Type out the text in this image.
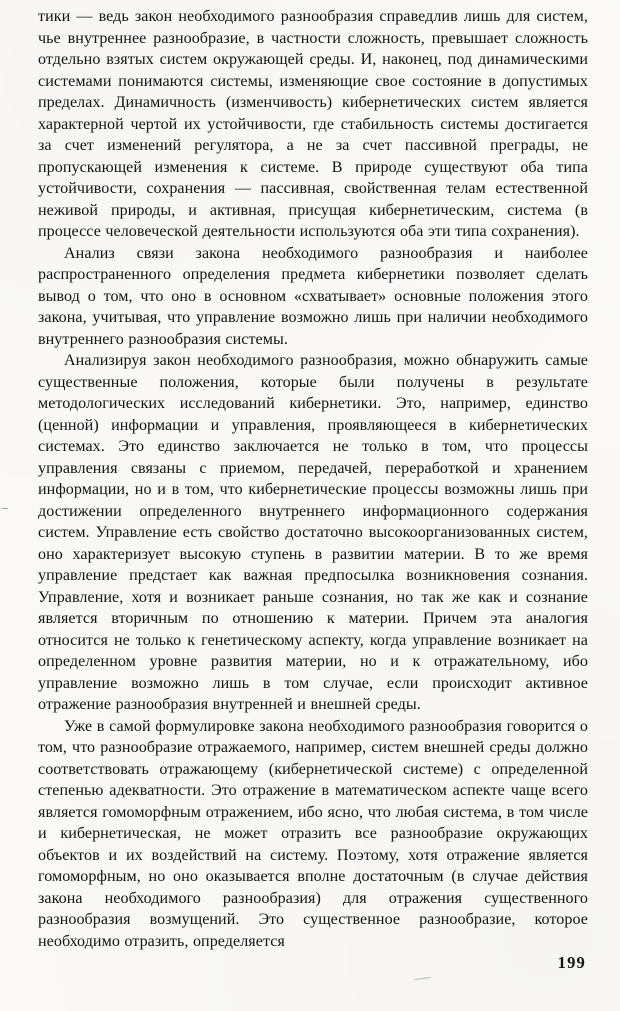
тики — ведь закон необходимого разнообразия справедлив лишь для систем, чье внутреннее разнообразие, в частности сложность, превышает сложность отдельно взятых систем окружающей среды. И, наконец, под динамическими системами понимаются системы, изменяющие свое состояние в допустимых пределах. Динамичность (изменчивость) кибернетических систем является характерной чертой их устойчивости, где стабильность системы достигается за счет изменений регулятора, а не за счет пассивной преграды, не пропускающей изменения к системе. В природе существуют оба типа устойчивости, сохранения — пассивная, свойственная телам естественной неживой природы, и активная, присущая кибернетическим, система (в процессе человеческой деятельности используются оба эти типа сохранения).

Анализ связи закона необходимого разнообразия и наиболее распространенного определения предмета кибернетики позволяет сделать вывод о том, что оно в основном «схватывает» основные положения этого закона, учитывая, что управление возможно лишь при наличии необходимого внутреннего разнообразия системы.

Анализируя закон необходимого разнообразия, можно обнаружить самые существенные положения, которые были получены в результате методологических исследований кибернетики. Это, например, единство (ценной) информации и управления, проявляющееся в кибернетических системах. Это единство заключается не только в том, что процессы управления связаны с приемом, передачей, переработкой и хранением информации, но и в том, что кибернетические процессы возможны лишь при достижении определенного внутреннего информационного содержания систем. Управление есть свойство достаточно высокоорганизованных систем, оно характеризует высокую ступень в развитии материи. В то же время управление предстает как важная предпосылка возникновения сознания. Управление, хотя и возникает раньше сознания, но так же как и сознание является вторичным по отношению к материи. Причем эта аналогия относится не только к генетическому аспекту, когда управление возникает на определенном уровне развития материи, но и к отражательному, ибо управление возможно лишь в том случае, если происходит активное отражение разнообразия внутренней и внешней среды.

Уже в самой формулировке закона необходимого разнообразия говорится о том, что разнообразие отражаемого, например, систем внешней среды должно соответствовать отражающему (кибернетической системе) с определенной степенью адекватности. Это отражение в математическом аспекте чаще всего является гомоморфным отражением, ибо ясно, что любая система, в том числе и кибернетическая, не может отразить все разнообразие окружающих объектов и их воздействий на систему. Поэтому, хотя отражение является гомоморфным, но оно оказывается вполне достаточным (в случае действия закона необходимого разнообразия) для отражения существенного разнообразия возмущений. Это существенное разнообразие, которое необходимо отразить, определяется

199
